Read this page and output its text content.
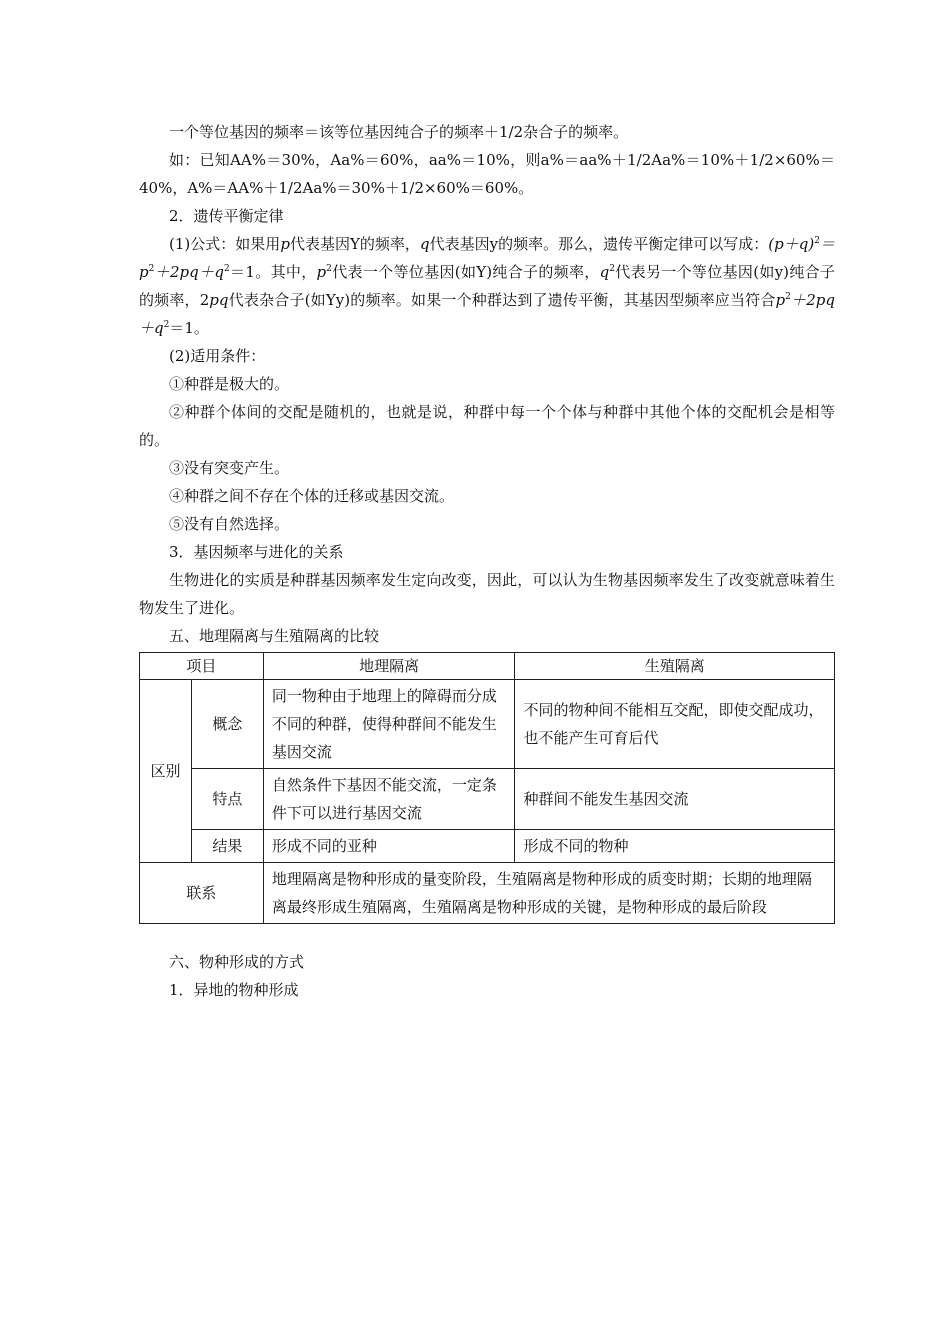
一个等位基因的频率＝该等位基因纯合子的频率＋1/2杂合子的频率。

如：已知AA%＝30%，Aa%＝60%，aa%＝10%，则a%＝aa%＋1/2Aa%＝10%＋1/2×60%＝40%，A%＝AA%＋1/2Aa%＝30%＋1/2×60%＝60%。

2．遗传平衡定律

(1)公式：如果用p代表基因Y的频率，q代表基因y的频率。那么，遗传平衡定律可以写成：$(p+q)^2=p^2+2pq+q^2=1$。其中，$p^2$代表一个等位基因(如Y)纯合子的频率，$q^2$代表另一个等位基因(如y)纯合子的频率，2pq代表杂合子(如Yy)的频率。如果一个种群达到了遗传平衡，其基因型频率应当符合$p^2+2pq+q^2=1$。

(2)适用条件：

①种群是极大的。

②种群个体间的交配是随机的，也就是说，种群中每一个个体与种群中其他个体的交配机会是相等的。

③没有突变产生。

④种群之间不存在个体的迁移或基因交流。

⑤没有自然选择。

3．基因频率与进化的关系

生物进化的实质是种群基因频率发生定向改变，因此，可以认为生物基因频率发生了改变就意味着生物发生了进化。

五、地理隔离与生殖隔离的比较

项目		地理隔离	生殖隔离
区别	概念	同一物种由于地理上的障碍而分成不同的种群，使得种群间不能发生基因交流	不同的物种间不能相互交配，即使交配成功，也不能产生可育后代
	特点	自然条件下基因不能交流，一定条件下可以进行基因交流	种群间不能发生基因交流
	结果	形成不同的亚种	形成不同的物种
联系		地理隔离是物种形成的量变阶段，生殖隔离是物种形成的质变时期；长期的地理隔离最终形成生殖隔离，生殖隔离是物种形成的关键，是物种形成的最后阶段	

六、物种形成的方式

1．异地的物种形成
